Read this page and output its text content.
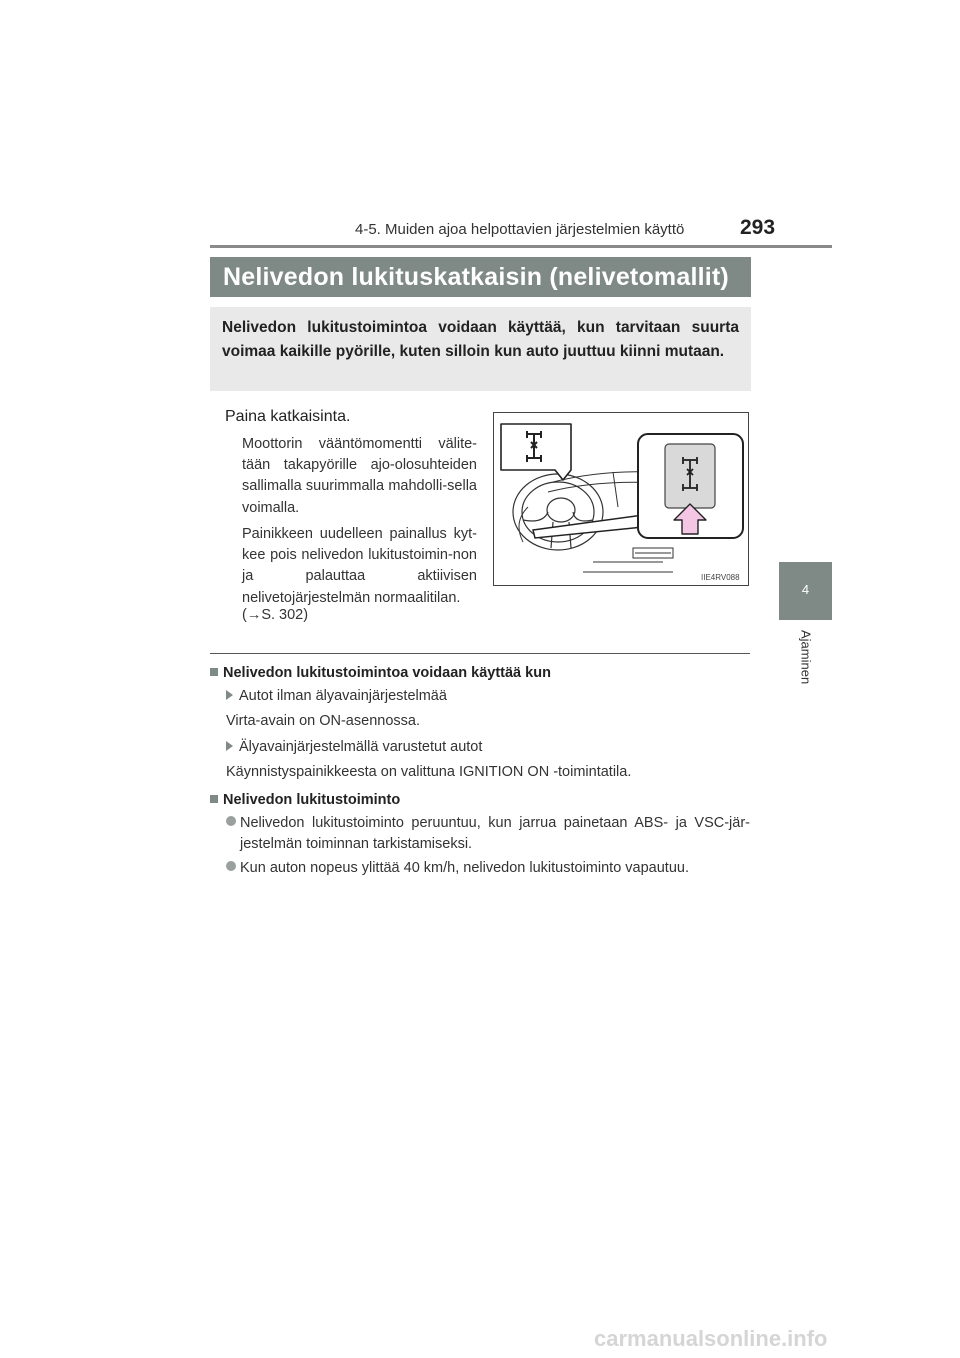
4-5. Muiden ajoa helpottavien järjestelmien käyttö	293
4
Ajaminen
Nelivedon lukituskatkaisin (nelivetomallit)
Nelivedon lukitustoimintoa voidaan käyttää, kun tarvitaan suurta voimaa kaikille pyörille, kuten silloin kun auto juuttuu kiinni mutaan.
Paina katkaisinta.
Moottorin vääntömomentti välite-tään takapyörille ajo-olosuhteiden sallimalla suurimmalla mahdolli-sella voimalla.
Painikkeen uudelleen painallus kyt-kee pois nelivedon lukitustoimin-non ja palauttaa aktiivisen nelivetojärjestelmän normaalitilan.
(→S. 302)
IIE4RV088
Nelivedon lukitustoimintoa voidaan käyttää kun
Autot ilman älyavainjärjestelmää
Virta-avain on ON-asennossa.
Älyavainjärjestelmällä varustetut autot
Käynnistyspainikkeesta on valittuna IGNITION ON -toimintatila.
Nelivedon lukitustoiminto
Nelivedon lukitustoiminto peruuntuu, kun jarrua painetaan ABS- ja VSC-jär-jestelmän toiminnan tarkistamiseksi.
Kun auton nopeus ylittää 40 km/h, nelivedon lukitustoiminto vapautuu.
carmanualsonline.info
